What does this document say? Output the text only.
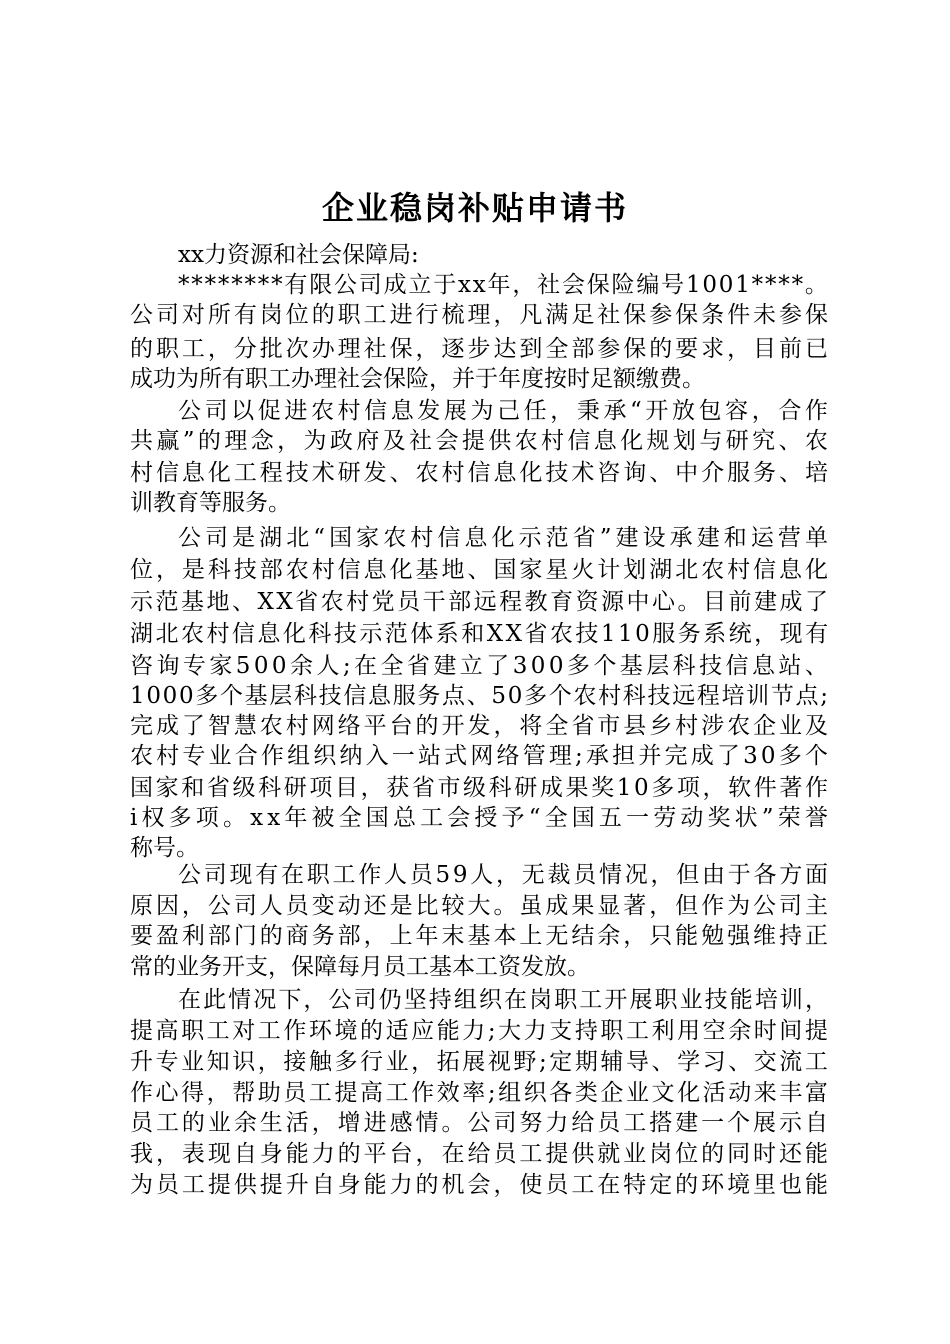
企业稳岗补贴申请书
xx力资源和社会保障局:
********有限公司成立于xx年，社会保险编号1001****。
公司对所有岗位的职工进行梳理，凡满足社保参保条件未参保
的职工，分批次办理社保，逐步达到全部参保的要求，目前已
成功为所有职工办理社会保险，并于年度按时足额缴费。
公司以促进农村信息发展为己任，秉承“开放包容，合作
共赢”的理念，为政府及社会提供农村信息化规划与研究、农
村信息化工程技术研发、农村信息化技术咨询、中介服务、培
训教育等服务。
公司是湖北“国家农村信息化示范省”建设承建和运营单
位，是科技部农村信息化基地、国家星火计划湖北农村信息化
示范基地、XX省农村党员干部远程教育资源中心。目前建成了
湖北农村信息化科技示范体系和XX省农技110服务系统，现有
咨询专家500余人;在全省建立了300多个基层科技信息站、
1000多个基层科技信息服务点、50多个农村科技远程培训节点;
完成了智慧农村网络平台的开发，将全省市县乡村涉农企业及
农村专业合作组织纳入一站式网络管理;承担并完成了30多个
国家和省级科研项目，获省市级科研成果奖10多项，软件著作
i权多项。xx年被全国总工会授予“全国五一劳动奖状”荣誉
称号。
公司现有在职工作人员59人，无裁员情况，但由于各方面
原因，公司人员变动还是比较大。虽成果显著，但作为公司主
要盈利部门的商务部，上年末基本上无结余，只能勉强维持正
常的业务开支，保障每月员工基本工资发放。
在此情况下，公司仍坚持组织在岗职工开展职业技能培训，
提高职工对工作环境的适应能力;大力支持职工利用空余时间提
升专业知识，接触多行业，拓展视野;定期辅导、学习、交流工
作心得，帮助员工提高工作效率;组织各类企业文化活动来丰富
员工的业余生活，增进感情。公司努力给员工搭建一个展示自
我，表现自身能力的平台，在给员工提供就业岗位的同时还能
为员工提供提升自身能力的机会，使员工在特定的环境里也能
